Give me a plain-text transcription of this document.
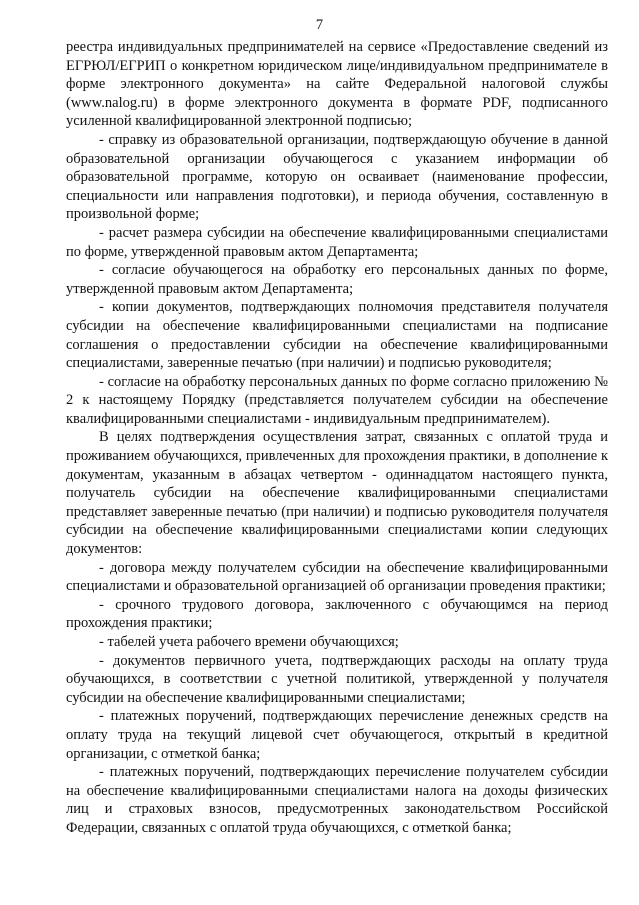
7

реестра индивидуальных предпринимателей на сервисе «Предоставление сведений из ЕГРЮЛ/ЕГРИП о конкретном юридическом лице/индивидуальном предпринимателе в форме электронного документа» на сайте Федеральной налоговой службы (www.nalog.ru) в форме электронного документа в формате PDF, подписанного усиленной квалифицированной электронной подписью;

- справку из образовательной организации, подтверждающую обучение в данной образовательной организации обучающегося с указанием информации об образовательной программе, которую он осваивает (наименование профессии, специальности или направления подготовки), и периода обучения, составленную в произвольной форме;

- расчет размера субсидии на обеспечение квалифицированными специалистами по форме, утвержденной правовым актом Департамента;

- согласие обучающегося на обработку его персональных данных по форме, утвержденной правовым актом Департамента;

- копии документов, подтверждающих полномочия представителя получателя субсидии на обеспечение квалифицированными специалистами на подписание соглашения о предоставлении субсидии на обеспечение квалифицированными специалистами, заверенные печатью (при наличии) и подписью руководителя;

- согласие на обработку персональных данных по форме согласно приложению № 2 к настоящему Порядку (представляется получателем субсидии на обеспечение квалифицированными специалистами - индивидуальным предпринимателем).

В целях подтверждения осуществления затрат, связанных с оплатой труда и проживанием обучающихся, привлеченных для прохождения практики, в дополнение к документам, указанным в абзацах четвертом - одиннадцатом настоящего пункта, получатель субсидии на обеспечение квалифицированными специалистами представляет заверенные печатью (при наличии) и подписью руководителя получателя субсидии на обеспечение квалифицированными специалистами копии следующих документов:

- договора между получателем субсидии на обеспечение квалифицированными специалистами и образовательной организацией об организации проведения практики;

- срочного трудового договора, заключенного с обучающимся на период прохождения практики;

- табелей учета рабочего времени обучающихся;

- документов первичного учета, подтверждающих расходы на оплату труда обучающихся, в соответствии с учетной политикой, утвержденной у получателя субсидии на обеспечение квалифицированными специалистами;

- платежных поручений, подтверждающих перечисление денежных средств на оплату труда на текущий лицевой счет обучающегося, открытый в кредитной организации, с отметкой банка;

- платежных поручений, подтверждающих перечисление получателем субсидии на обеспечение квалифицированными специалистами налога на доходы физических лиц и страховых взносов, предусмотренных законодательством Российской Федерации, связанных с оплатой труда обучающихся, с отметкой банка;
